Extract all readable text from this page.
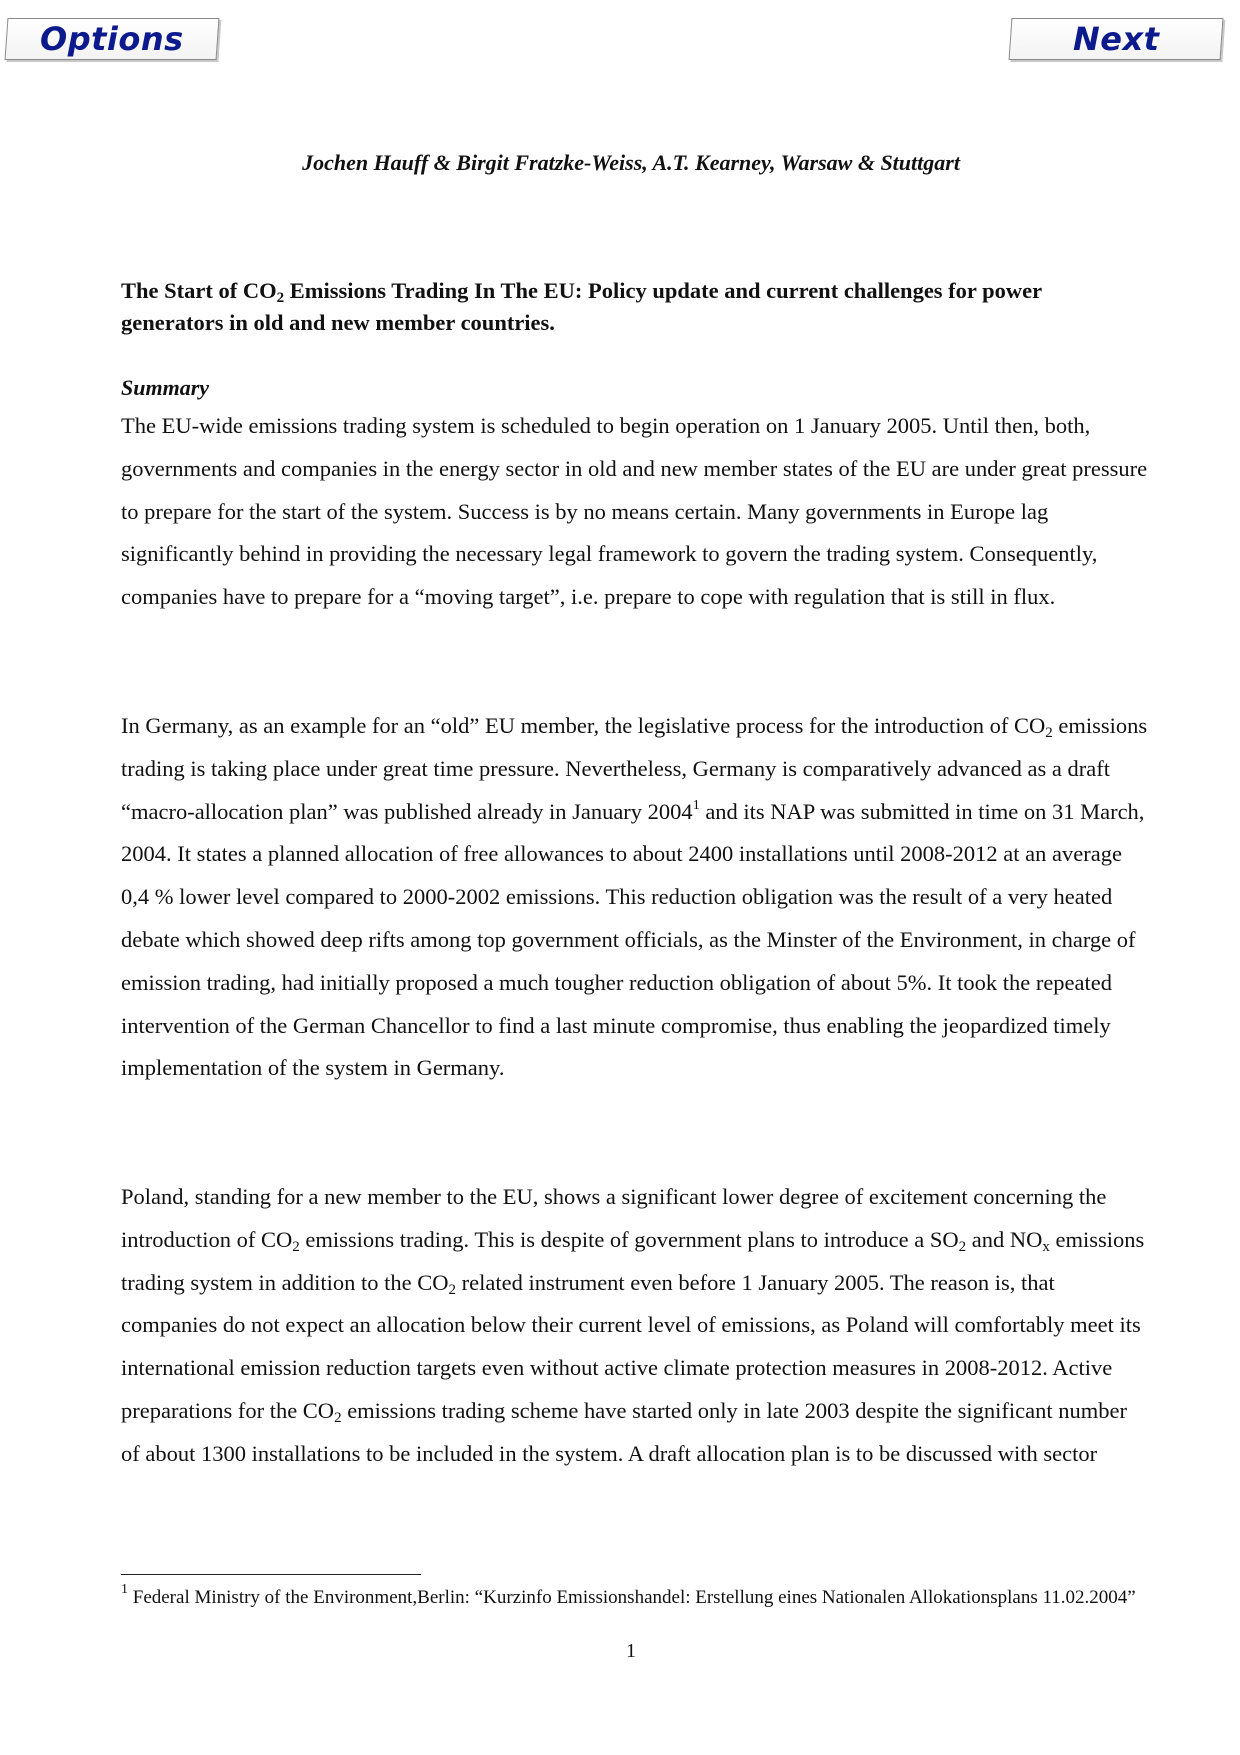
Options	Next
Jochen Hauff & Birgit Fratzke-Weiss, A.T. Kearney, Warsaw & Stuttgart
The Start of $CO_2$ Emissions Trading In The EU: Policy update and current challenges for power generators in old and new member countries.
Summary

The EU-wide emissions trading system is scheduled to begin operation on 1 January 2005. Until then, both, governments and companies in the energy sector in old and new member states of the EU are under great pressure to prepare for the start of the system. Success is by no means certain. Many governments in Europe lag significantly behind in providing the necessary legal framework to govern the trading system. Consequently, companies have to prepare for a “moving target”, i.e. prepare to cope with regulation that is still in flux.

In Germany, as an example for an “old” EU member, the legislative process for the introduction of $CO_2$ emissions trading is taking place under great time pressure. Nevertheless, Germany is comparatively advanced as a draft “macro-allocation plan” was published already in January 2004$^1$ and its NAP was submitted in time on 31 March, 2004. It states a planned allocation of free allowances to about 2400 installations until 2008-2012 at an average 0,4 % lower level compared to 2000-2002 emissions. This reduction obligation was the result of a very heated debate which showed deep rifts among top government officials, as the Minster of the Environment, in charge of emission trading, had initially proposed a much tougher reduction obligation of about 5%. It took the repeated intervention of the German Chancellor to find a last minute compromise, thus enabling the jeopardized timely implementation of the system in Germany.

Poland, standing for a new member to the EU, shows a significant lower degree of excitement concerning the introduction of $CO_2$ emissions trading. This is despite of government plans to introduce a $SO_2$ and $NO_x$ emissions trading system in addition to the $CO_2$ related instrument even before 1 January 2005. The reason is, that companies do not expect an allocation below their current level of emissions, as Poland will comfortably meet its international emission reduction targets even without active climate protection measures in 2008-2012. Active preparations for the $CO_2$ emissions trading scheme have started only in late 2003 despite the significant number of about 1300 installations to be included in the system. A draft allocation plan is to be discussed with sector

$^1$ Federal Ministry of the Environment,Berlin: “Kurzinfo Emissionshandel: Erstellung eines Nationalen Allokationsplans 11.02.2004”

1
